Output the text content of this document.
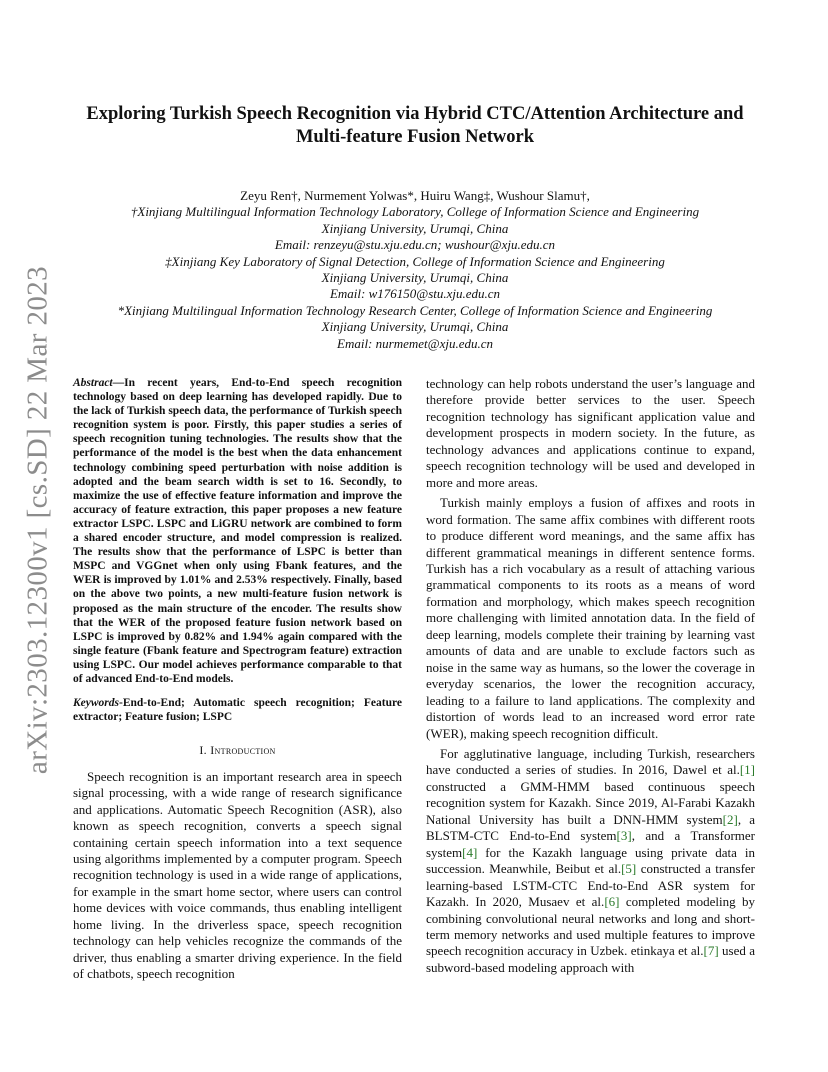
arXiv:2303.12300v1 [cs.SD] 22 Mar 2023
Exploring Turkish Speech Recognition via Hybrid CTC/Attention Architecture and Multi-feature Fusion Network
Zeyu Ren†, Nurmement Yolwas*, Huiru Wang‡, Wushour Slamu†,
†Xinjiang Multilingual Information Technology Laboratory, College of Information Science and Engineering
Xinjiang University, Urumqi, China
Email: renzeyu@stu.xju.edu.cn; wushour@xju.edu.cn
‡Xinjiang Key Laboratory of Signal Detection, College of Information Science and Engineering
Xinjiang University, Urumqi, China
Email: w176150@stu.xju.edu.cn
*Xinjiang Multilingual Information Technology Research Center, College of Information Science and Engineering
Xinjiang University, Urumqi, China
Email: nurmemet@xju.edu.cn

Abstract—In recent years, End-to-End speech recognition technology based on deep learning has developed rapidly. Due to the lack of Turkish speech data, the performance of Turkish speech recognition system is poor. Firstly, this paper studies a series of speech recognition tuning technologies. The results show that the performance of the model is the best when the data enhancement technology combining speed perturbation with noise addition is adopted and the beam search width is set to 16. Secondly, to maximize the use of effective feature information and improve the accuracy of feature extraction, this paper proposes a new feature extractor LSPC. LSPC and LiGRU network are combined to form a shared encoder structure, and model compression is realized. The results show that the performance of LSPC is better than MSPC and VGGnet when only using Fbank features, and the WER is improved by 1.01% and 2.53% respectively. Finally, based on the above two points, a new multi-feature fusion network is proposed as the main structure of the encoder. The results show that the WER of the proposed feature fusion network based on LSPC is improved by 0.82% and 1.94% again compared with the single feature (Fbank feature and Spectrogram feature) extraction using LSPC. Our model achieves performance comparable to that of advanced End-to-End models.

Keywords-End-to-End; Automatic speech recognition; Feature extractor; Feature fusion; LSPC

I. Introduction

Speech recognition is an important research area in speech signal processing, with a wide range of research significance and applications. Automatic Speech Recognition (ASR), also known as speech recognition, converts a speech signal containing certain speech information into a text sequence using algorithms implemented by a computer program. Speech recognition technology is used in a wide range of applications, for example in the smart home sector, where users can control home devices with voice commands, thus enabling intelligent home living. In the driverless space, speech recognition technology can help vehicles recognize the commands of the driver, thus enabling a smarter driving experience. In the field of chatbots, speech recognition

technology can help robots understand the user’s language and therefore provide better services to the user. Speech recognition technology has significant application value and development prospects in modern society. In the future, as technology advances and applications continue to expand, speech recognition technology will be used and developed in more and more areas.

Turkish mainly employs a fusion of affixes and roots in word formation. The same affix combines with different roots to produce different word meanings, and the same affix has different grammatical meanings in different sentence forms. Turkish has a rich vocabulary as a result of attaching various grammatical components to its roots as a means of word formation and morphology, which makes speech recognition more challenging with limited annotation data. In the field of deep learning, models complete their training by learning vast amounts of data and are unable to exclude factors such as noise in the same way as humans, so the lower the coverage in everyday scenarios, the lower the recognition accuracy, leading to a failure to land applications. The complexity and distortion of words lead to an increased word error rate (WER), making speech recognition difficult.

For agglutinative language, including Turkish, researchers have conducted a series of studies. In 2016, Dawel et al.[1] constructed a GMM-HMM based continuous speech recognition system for Kazakh. Since 2019, Al-Farabi Kazakh National University has built a DNN-HMM system[2], a BLSTM-CTC End-to-End system[3], and a Transformer system[4] for the Kazakh language using private data in succession. Meanwhile, Beibut et al.[5] constructed a transfer learning-based LSTM-CTC End-to-End ASR system for Kazakh. In 2020, Musaev et al.[6] completed modeling by combining convolutional neural networks and long and short-term memory networks and used multiple features to improve speech recognition accuracy in Uzbek. etinkaya et al.[7] used a subword-based modeling approach with
